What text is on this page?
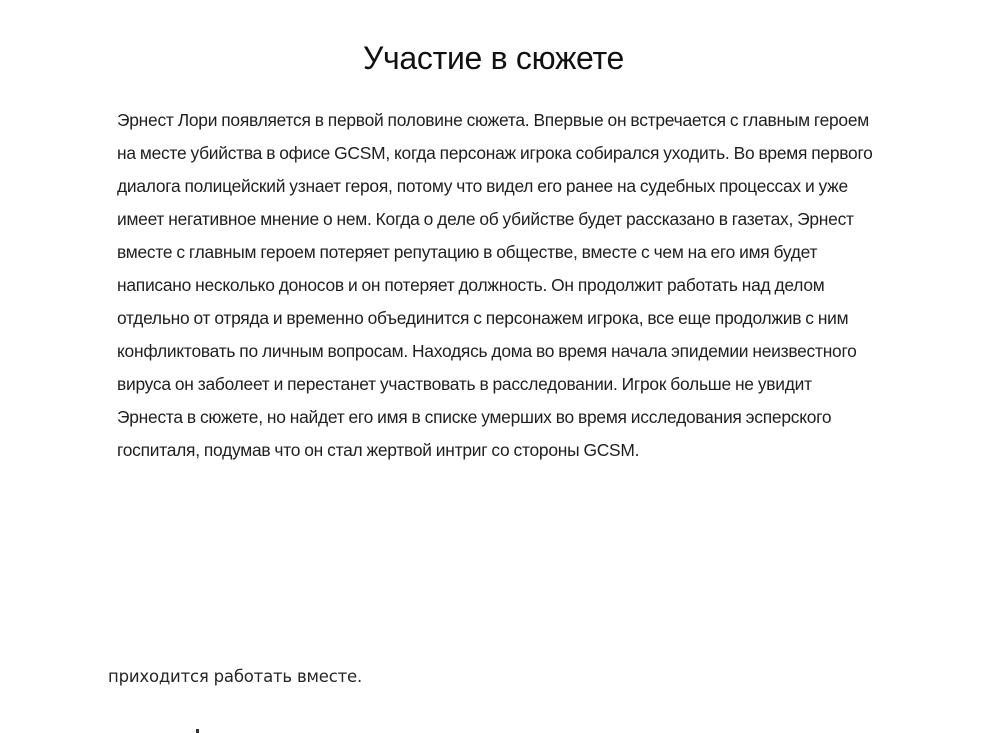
Участие в сюжете

Эрнест Лори появляется в первой половине сюжета. Впервые он встречается с главным героем на месте убийства в офисе GCSM, когда персонаж игрока собирался уходить. Во время первого диалога полицейский узнает героя, потому что видел его ранее на судебных процессах и уже имеет негативное мнение о нем. Когда о деле об убийстве будет рассказано в газетах, Эрнест вместе с главным героем потеряет репутацию в обществе, вместе с чем на его имя будет написано несколько доносов и он потеряет должность. Он продолжит работать над делом отдельно от отряда и временно объединится с персонажем игрока, все еще продолжив с ним конфликтовать по личным вопросам. Находясь дома во время начала эпидемии неизвестного вируса он заболеет и перестанет участвовать в расследовании. Игрок больше не увидит Эрнеста в сюжете, но найдет его имя в списке умерших во время исследования эсперского госпиталя, подумав что он стал жертвой интриг со стороны GCSM.

приходится работать вместе.
